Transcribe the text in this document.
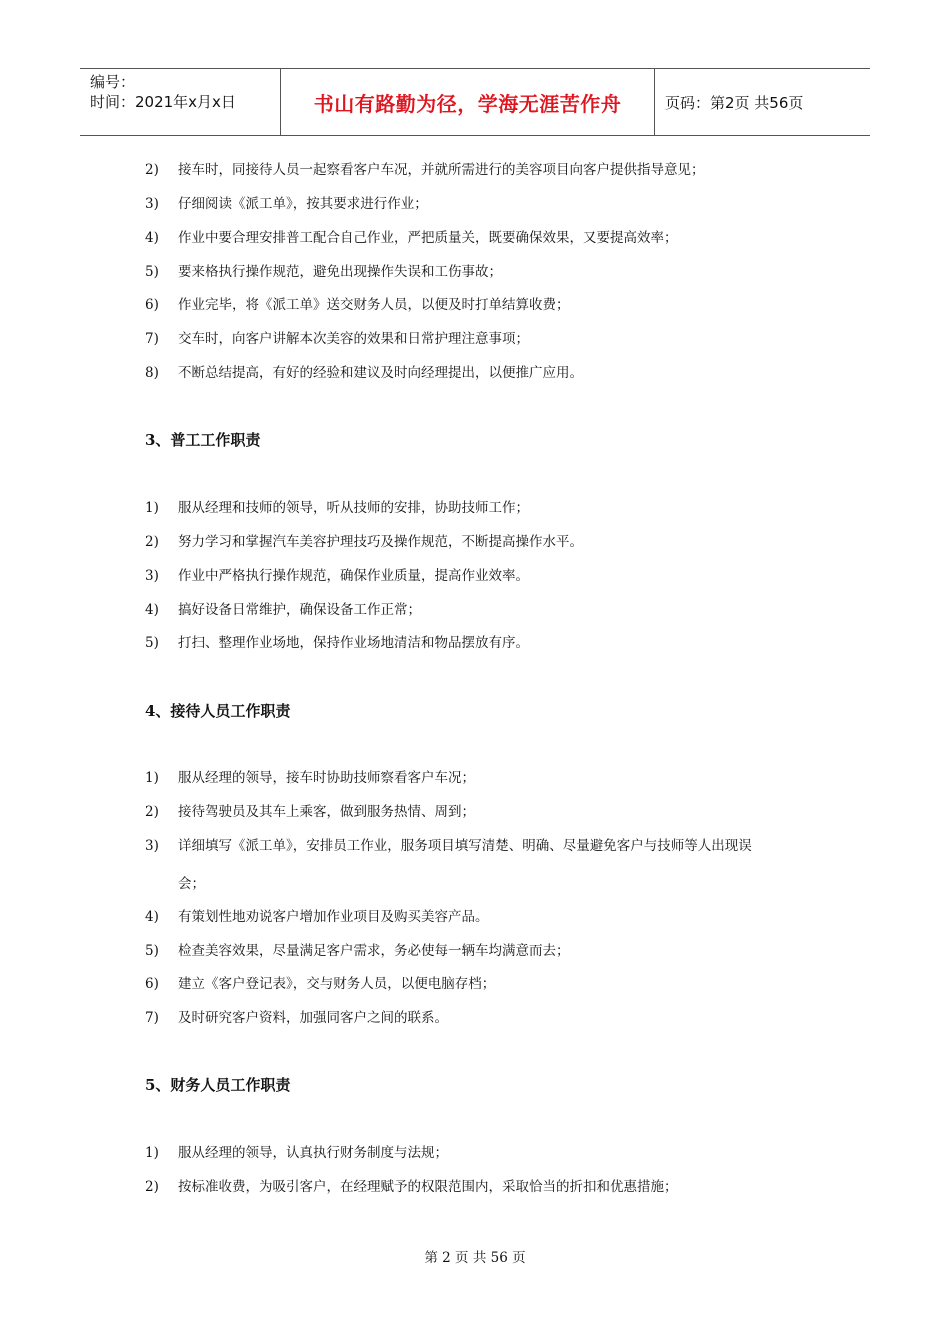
编号：
时间：2021年x月x日	书山有路勤为径，学海无涯苦作舟	页码：第2页 共56页
2) 接车时，同接待人员一起察看客户车况，并就所需进行的美容项目向客户提供指导意见；
3) 仔细阅读《派工单》，按其要求进行作业；
4) 作业中要合理安排普工配合自己作业，严把质量关，既要确保效果，又要提高效率；
5) 要来格执行操作规范，避免出现操作失误和工伤事故；
6) 作业完毕，将《派工单》送交财务人员，以便及时打单结算收费；
7) 交车时，向客户讲解本次美容的效果和日常护理注意事项；
8) 不断总结提高，有好的经验和建议及时向经理提出，以便推广应用。
3、普工工作职责
1) 服从经理和技师的领导，听从技师的安排，协助技师工作；
2) 努力学习和掌握汽车美容护理技巧及操作规范，不断提高操作水平。
3) 作业中严格执行操作规范，确保作业质量，提高作业效率。
4) 搞好设备日常维护，确保设备工作正常；
5) 打扫、整理作业场地，保持作业场地清洁和物品摆放有序。
4、接待人员工作职责
1) 服从经理的领导，接车时协助技师察看客户车况；
2) 接待驾驶员及其车上乘客，做到服务热情、周到；
3) 详细填写《派工单》，安排员工作业，服务项目填写清楚、明确、尽量避免客户与技师等人出现误
会；
4) 有策划性地劝说客户增加作业项目及购买美容产品。
5) 检查美容效果，尽量满足客户需求，务必使每一辆车均满意而去；
6) 建立《客户登记表》，交与财务人员，以便电脑存档；
7) 及时研究客户资料，加强同客户之间的联系。
5、财务人员工作职责
1) 服从经理的领导，认真执行财务制度与法规；
2) 按标准收费，为吸引客户，在经理赋予的权限范围内，采取恰当的折扣和优惠措施；
第 2 页 共 56 页
